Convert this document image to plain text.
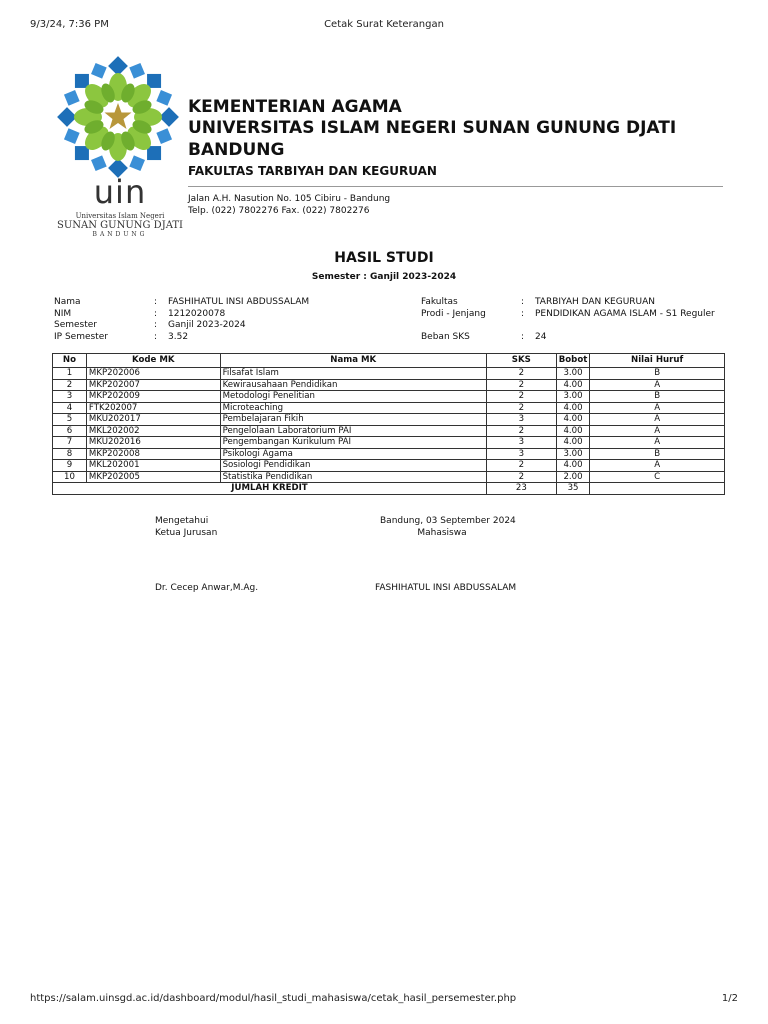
9/3/24, 7:36 PM	Cetak Surat Keterangan
uin
Universitas Islam Negeri
SUNAN GUNUNG DJATI
BANDUNG
KEMENTERIAN AGAMA
UNIVERSITAS ISLAM NEGERI SUNAN GUNUNG DJATI
BANDUNG
FAKULTAS TARBIYAH DAN KEGURUAN
Jalan A.H. Nasution No. 105 Cibiru - Bandung
Telp. (022) 7802276 Fax. (022) 7802276
HASIL STUDI
Semester : Ganjil 2023-2024
Nama	: FASHIHATUL INSI ABDUSSALAM
NIM	: 1212020078
Semester	: Ganjil 2023-2024
IP Semester	: 3.52
Fakultas	: TARBIYAH DAN KEGURUAN
Prodi - Jenjang	: PENDIDIKAN AGAMA ISLAM - S1 Reguler
Beban SKS	: 24
No	Kode MK	Nama MK	SKS	Bobot	Nilai Huruf
1	MKP202006	Filsafat Islam	2	3.00	B
2	MKP202007	Kewirausahaan Pendidikan	2	4.00	A
3	MKP202009	Metodologi Penelitian	2	3.00	B
4	FTK202007	Microteaching	2	4.00	A
5	MKU202017	Pembelajaran Fikih	3	4.00	A
6	MKL202002	Pengelolaan Laboratorium PAI	2	4.00	A
7	MKU202016	Pengembangan Kurikulum PAI	3	4.00	A
8	MKP202008	Psikologi Agama	3	3.00	B
9	MKL202001	Sosiologi Pendidikan	2	4.00	A
10	MKP202005	Statistika Pendidikan	2	2.00	C
JUMLAH KREDIT			23	35	
Mengetahui
Ketua Jurusan
Bandung, 03 September 2024
Mahasiswa
Dr. Cecep Anwar,M.Ag.	FASHIHATUL INSI ABDUSSALAM
https://salam.uinsgd.ac.id/dashboard/modul/hasil_studi_mahasiswa/cetak_hasil_persemester.php	1/2
